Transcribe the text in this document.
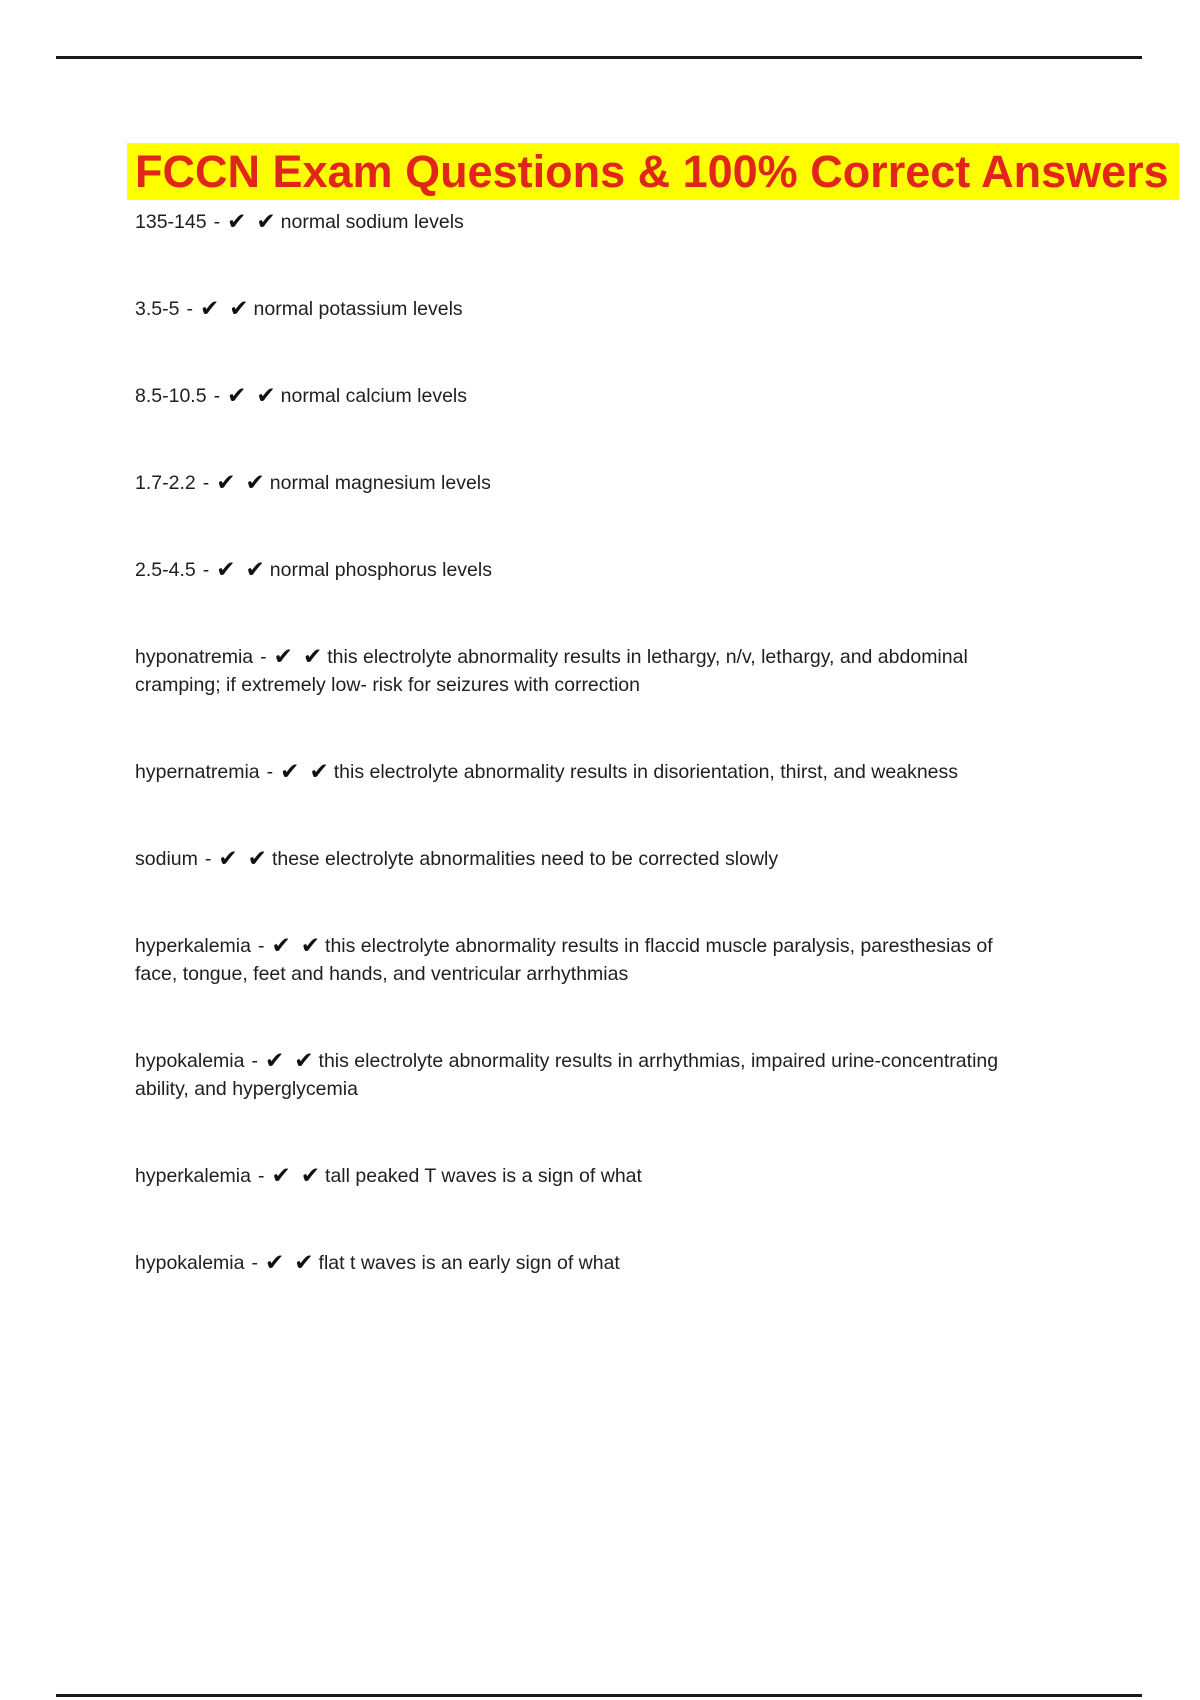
FCCN Exam Questions & 100% Correct Answers

135-145 - ✔ ✔ normal sodium levels

3.5-5 - ✔ ✔ normal potassium levels

8.5-10.5 - ✔ ✔ normal calcium levels

1.7-2.2 - ✔ ✔ normal magnesium levels

2.5-4.5 - ✔ ✔ normal phosphorus levels

hyponatremia - ✔ ✔ this electrolyte abnormality results in lethargy, n/v, lethargy, and abdominal cramping; if extremely low- risk for seizures with correction

hypernatremia - ✔ ✔ this electrolyte abnormality results in disorientation, thirst, and weakness

sodium - ✔ ✔ these electrolyte abnormalities need to be corrected slowly

hyperkalemia - ✔ ✔ this electrolyte abnormality results in flaccid muscle paralysis, paresthesias of face, tongue, feet and hands, and ventricular arrhythmias

hypokalemia - ✔ ✔ this electrolyte abnormality results in arrhythmias, impaired urine-concentrating ability, and hyperglycemia

hyperkalemia - ✔ ✔ tall peaked T waves is a sign of what

hypokalemia - ✔ ✔ flat t waves is an early sign of what
